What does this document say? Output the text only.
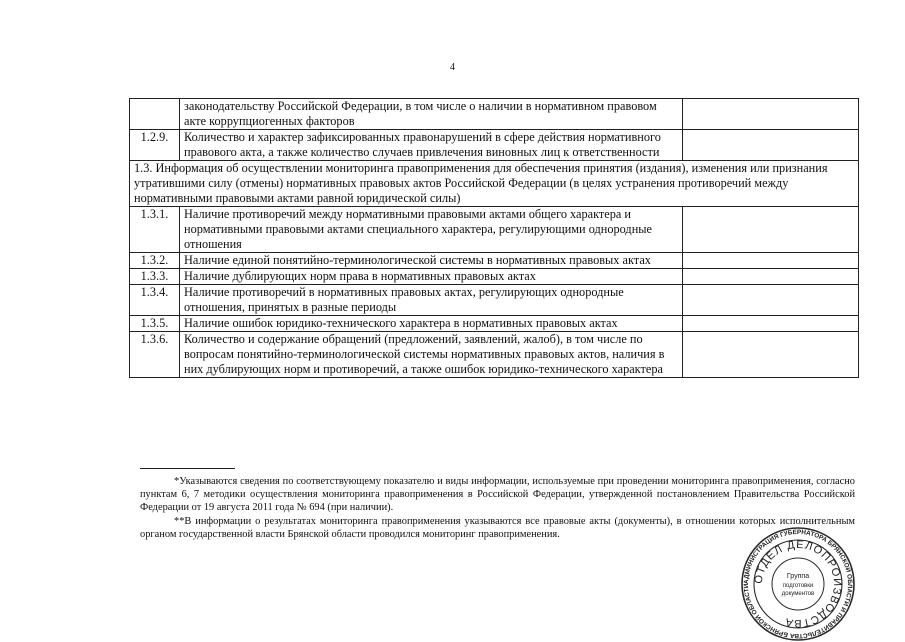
4
	законодательству Российской Федерации, в том числе о наличии в нормативном правовом акте коррупциогенных факторов	
1.2.9.	Количество и характер зафиксированных правонарушений в сфере действия нормативного правового акта, а также количество случаев привлечения виновных лиц к ответственности	
1.3. Информация об осуществлении мониторинга правоприменения для обеспечения принятия (издания), изменения или признания утратившими силу (отмены) нормативных правовых актов Российской Федерации (в целях устранения противоречий между нормативными правовыми актами равной юридической силы)		
1.3.1.	Наличие противоречий между нормативными правовыми актами общего характера и нормативными правовыми актами специального характера, регулирующими однородные отношения	
1.3.2.	Наличие единой понятийно-терминологической системы в нормативных правовых актах	
1.3.3.	Наличие дублирующих норм права в нормативных правовых актах	
1.3.4.	Наличие противоречий в нормативных правовых актах, регулирующих однородные отношения, принятых в разные периоды	
1.3.5.	Наличие ошибок юридико-технического характера в нормативных правовых актах	
1.3.6.	Количество и содержание обращений (предложений, заявлений, жалоб), в том числе по вопросам понятийно-терминологической системы нормативных правовых актов, наличия в них дублирующих норм и противоречий, а также ошибок юридико-технического характера	
*Указываются сведения по соответствующему показателю и виды информации, используемые при проведении мониторинга правоприменения, согласно пунктам 6, 7 методики осуществления мониторинга правоприменения в Российской Федерации, утвержденной постановлением Правительства Российской Федерации от 19 августа 2011 года № 694 (при наличии).
**В информации о результатах мониторинга правоприменения указываются все правовые акты (документы), в отношении которых исполнительным органом государственной власти Брянской области проводился мониторинг правоприменения.
АДМИНИСТРАЦИЯ ГУБЕРНАТОРА БРЯНСКОЙ ОБЛАСТИ И ПРАВИТЕЛЬСТВА БРЯНСКОЙ ОБЛАСТИ
ОТДЕЛ ДЕЛОПРОИЗВОДСТВА
Группа
подготовки
документов
